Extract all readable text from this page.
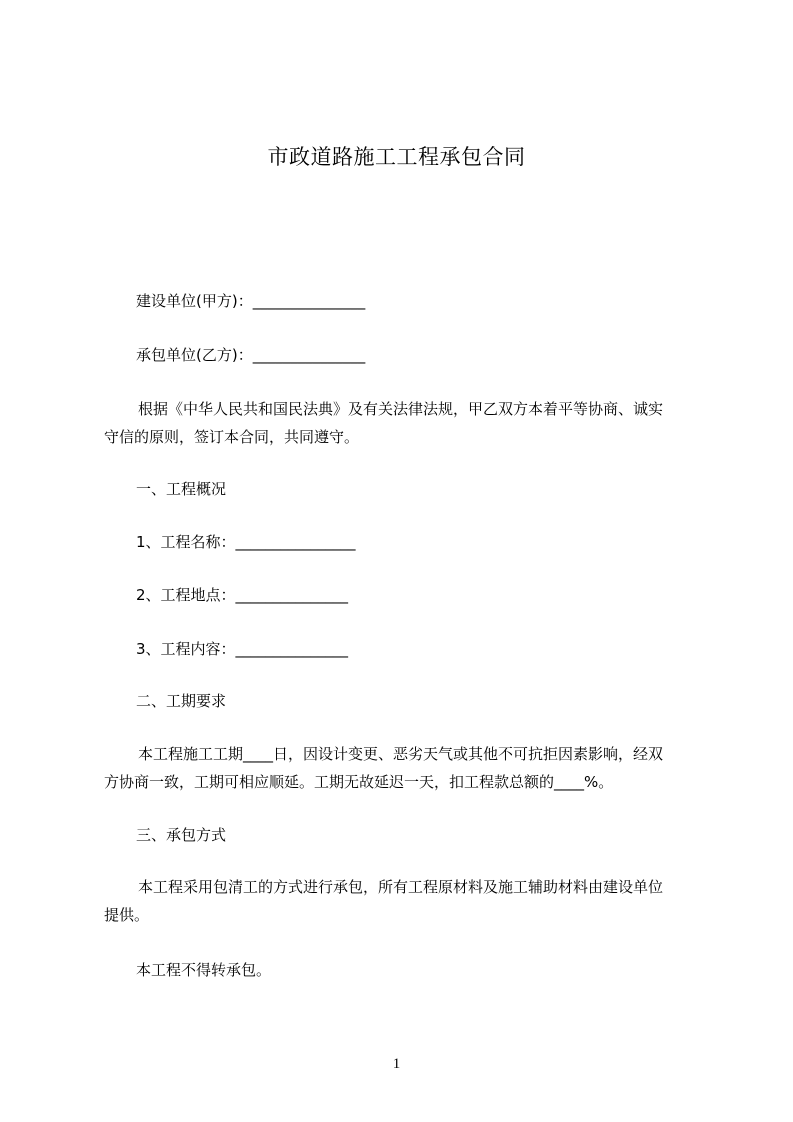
市政道路施工工程承包合同
建设单位(甲方)：_______________
承包单位(乙方)：_______________
根据《中华人民共和国民法典》及有关法律法规，甲乙双方本着平等协商、诚实
守信的原则，签订本合同，共同遵守。
一、工程概况
1、工程名称：________________
2、工程地点：_______________
3、工程内容：_______________
二、工期要求
本工程施工工期____日，因设计变更、恶劣天气或其他不可抗拒因素影响，经双
方协商一致，工期可相应顺延。工期无故延迟一天，扣工程款总额的____%。
三、承包方式
本工程采用包清工的方式进行承包，所有工程原材料及施工辅助材料由建设单位
提供。
本工程不得转承包。
1
